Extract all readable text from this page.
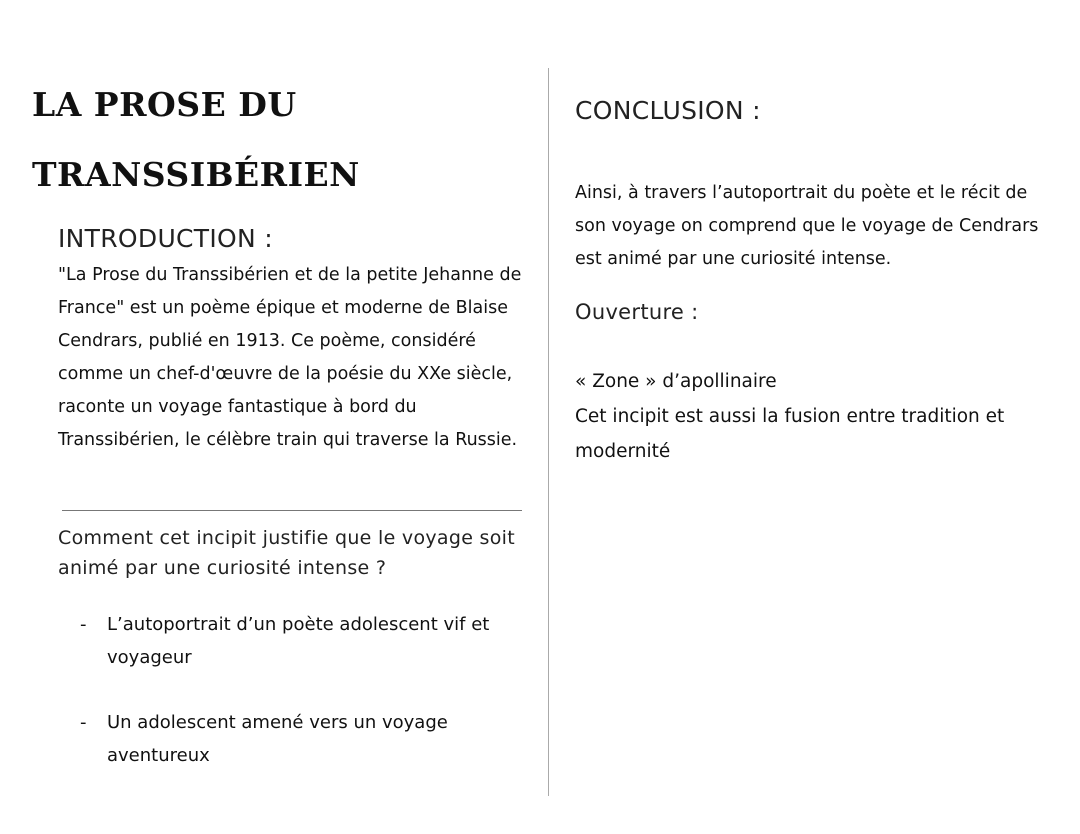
LA PROSE DU
TRANSSIBÉRIEN
INTRODUCTION :

"La Prose du Transsibérien et de la petite Jehanne de France" est un poème épique et moderne de Blaise Cendrars, publié en 1913. Ce poème, considéré comme un chef-d'œuvre de la poésie du XXe siècle, raconte un voyage fantastique à bord du Transsibérien, le célèbre train qui traverse la Russie.

Comment cet incipit justifie que le voyage soit animé par une curiosité intense ?

- L’autoportrait d’un poète adolescent vif et voyageur
- Un adolescent amené vers un voyage aventureux
CONCLUSION :

Ainsi, à travers l’autoportrait du poète et le récit de son voyage on comprend que le voyage de Cendrars est animé par une curiosité intense.

Ouverture :

« Zone » d’apollinaire
Cet incipit est aussi la fusion entre tradition et modernité
